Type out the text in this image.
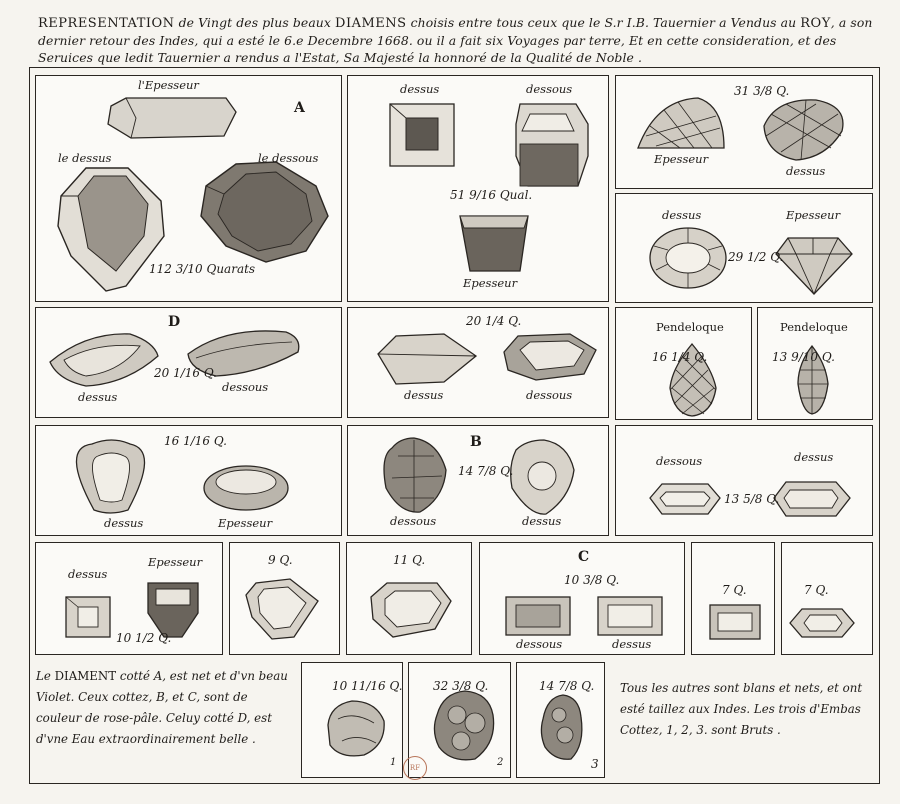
REPRESENTATION de Vingt des plus beaux DIAMENS choisis entre tous ceux que le S.r I.B. Tauernier a Vendus au ROY, a son dernier retour des Indes, qui a esté le 6.e Decembre 1668. ou il a fait six Voyages par terre, Et en cette consideration, et des Seruices que ledit Tauernier a rendus a l'Estat, Sa Majesté la honnoré de la Qualité de Noble .
l'Epesseur
A
le dessus	le dessous
112 3/10 Quarats
dessus	dessous
51 9/16 Qual.
Epesseur
31 3/8 Q.
Epesseur
dessus
dessus	Epesseur
29 1/2 Q.
D
20 1/16 Q.
dessus
dessous
20 1/4 Q.
dessus	dessous
Pendeloque
16 1/4 Q.
Pendeloque
13 9/10 Q.
16 1/16 Q.
dessus	Epesseur
B
14 7/8 Q.
dessous	dessus
dessous	dessus
13 5/8 Q.
dessus
Epesseur
10 1/2 Q.
9 Q.	11 Q.	C
10 3/8 Q.
dessous	dessus
7 Q.	7 Q.
10 11/16 Q.
1
32 3/8 Q.
2
14 7/8 Q.
3
Le DIAMENT cotté A, est net et d'vn beau Violet. Ceux cottez, B, et C, sont de couleur de rose-pâle. Celuy cotté D, est d'vne Eau extraordinairement belle .
Tous les autres sont blans et nets, et ont esté taillez aux Indes. Les trois d'Embas Cottez, 1, 2, 3. sont Bruts .
RF
